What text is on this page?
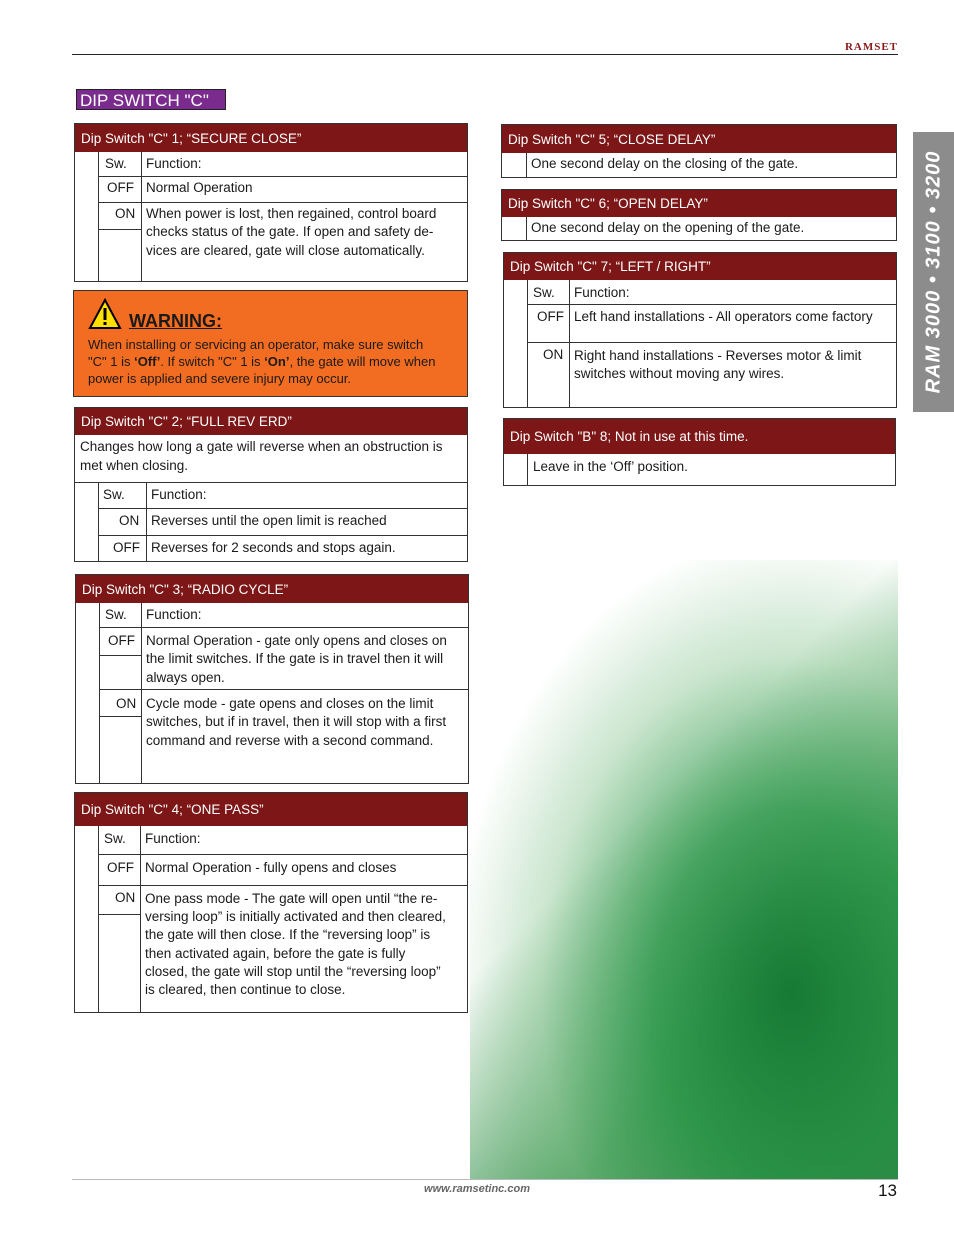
RAMSET
RAM 3000 • 3100 • 3200
DIP SWITCH "C"
Dip Switch "C" 1; “SECURE CLOSE”
Sw. Function:
OFF Normal Operation
ON When power is lost, then regained, control board
checks status of the gate. If open and safety de-
vices are cleared, gate will close automatically.
WARNING:
When installing or servicing an operator, make sure switch
"C" 1 is ‘Off’. If switch "C" 1 is ‘On’, the gate will move when
power is applied and severe injury may occur.
Dip Switch "C" 2; “FULL REV ERD”
Changes how long a gate will reverse when an obstruction is
met when closing.
Sw. Function:
ON Reverses until the open limit is reached
OFF Reverses for 2 seconds and stops again.
Dip Switch "C" 3; “RADIO CYCLE”
Sw. Function:
OFF Normal Operation - gate only opens and closes on
the limit switches. If the gate is in travel then it will
always open.
ON Cycle mode - gate opens and closes on the limit
switches, but if in travel, then it will stop with a first
command and reverse with a second command.
Dip Switch "C" 4; “ONE PASS”
Sw. Function:
OFF Normal Operation - fully opens and closes
ON One pass mode - The gate will open until “the re-
versing loop” is initially activated and then cleared,
the gate will then close. If the “reversing loop” is
then activated again, before the gate is fully
closed, the gate will stop until the “reversing loop”
is cleared, then continue to close.
Dip Switch "C" 5; “CLOSE DELAY”
One second delay on the closing of the gate.
Dip Switch "C" 6; “OPEN DELAY”
One second delay on the opening of the gate.
Dip Switch "C" 7; “LEFT / RIGHT”
Sw. Function:
OFF Left hand installations - All operators come factory
ON Right hand installations - Reverses motor & limit
switches without moving any wires.
Dip Switch "B" 8; Not in use at this time.
Leave in the ‘Off’ position.
www.ramsetinc.com	13
